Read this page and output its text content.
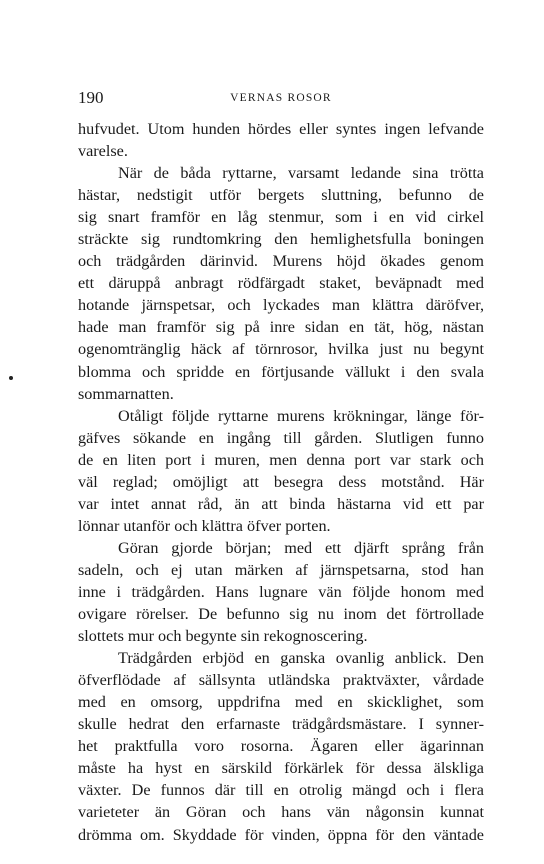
190	VERNAS ROSOR
hufvudet. Utom hunden hördes eller syntes ingen lefvande
varelse.
När de båda ryttarne, varsamt ledande sina trötta
hästar, nedstigit utför bergets sluttning, befunno de
sig snart framför en låg stenmur, som i en vid cirkel
sträckte sig rundtomkring den hemlighetsfulla boningen
och trädgården därinvid. Murens höjd ökades genom
ett däruppå anbragt rödfärgadt staket, beväpnadt med
hotande järnspetsar, och lyckades man klättra däröfver,
hade man framför sig på inre sidan en tät, hög, nästan
ogenomtränglig häck af törnrosor, hvilka just nu begynt
blomma och spridde en förtjusande vällukt i den svala
sommarnatten.
Otåligt följde ryttarne murens krökningar, länge för-
gäfves sökande en ingång till gården. Slutligen funno
de en liten port i muren, men denna port var stark och
väl reglad; omöjligt att besegra dess motstånd. Här
var intet annat råd, än att binda hästarna vid ett par
lönnar utanför och klättra öfver porten.
Göran gjorde början; med ett djärft språng från
sadeln, och ej utan märken af järnspetsarna, stod han
inne i trädgården. Hans lugnare vän följde honom med
ovigare rörelser. De befunno sig nu inom det förtrollade
slottets mur och begynte sin rekognoscering.
Trädgården erbjöd en ganska ovanlig anblick. Den
öfverflödade af sällsynta utländska praktväxter, vårdade
med en omsorg, uppdrifna med en skicklighet, som
skulle hedrat den erfarnaste trädgårdsmästare. I synner-
het praktfulla voro rosorna. Ägaren eller ägarinnan
måste ha hyst en särskild förkärlek för dessa älskliga
växter. De funnos där till en otrolig mängd och i flera
varieteter än Göran och hans vän någonsin kunnat
drömma om. Skyddade för vinden, öppna för den väntade
